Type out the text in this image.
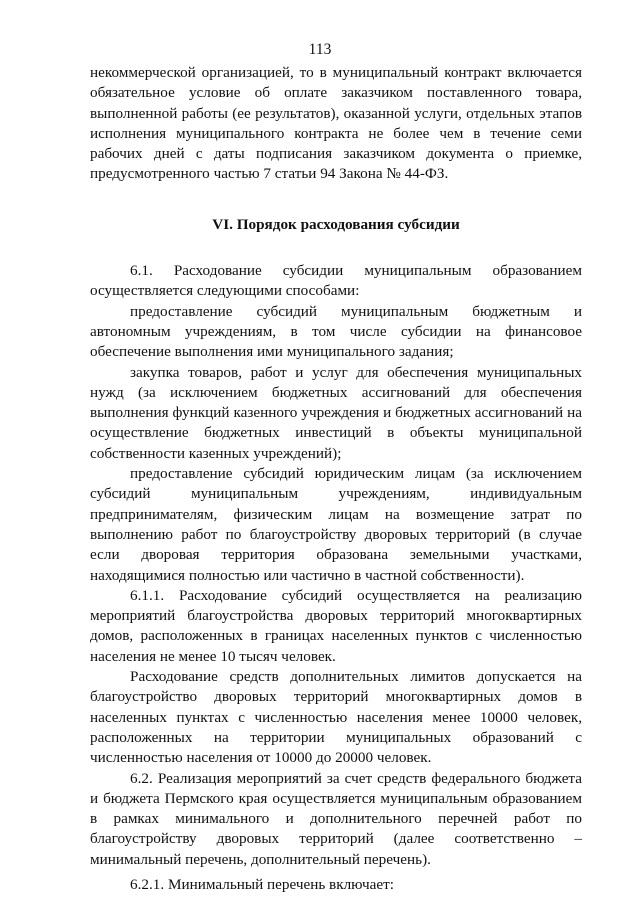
113

некоммерческой организацией, то в муниципальный контракт включается обязательное условие об оплате заказчиком поставленного товара, выполненной работы (ее результатов), оказанной услуги, отдельных этапов исполнения муниципального контракта не более чем в течение семи рабочих дней с даты подписания заказчиком документа о приемке, предусмотренного частью 7 статьи 94 Закона № 44-ФЗ.

VI. Порядок расходования субсидии

6.1. Расходование субсидии муниципальным образованием осуществляется следующими способами:

предоставление субсидий муниципальным бюджетным и автономным учреждениям, в том числе субсидии на финансовое обеспечение выполнения ими муниципального задания;

закупка товаров, работ и услуг для обеспечения муниципальных нужд (за исключением бюджетных ассигнований для обеспечения выполнения функций казенного учреждения и бюджетных ассигнований на осуществление бюджетных инвестиций в объекты муниципальной собственности казенных учреждений);

предоставление субсидий юридическим лицам (за исключением субсидий муниципальным учреждениям, индивидуальным предпринимателям, физическим лицам на возмещение затрат по выполнению работ по благоустройству дворовых территорий (в случае если дворовая территория образована земельными участками, находящимися полностью или частично в частной собственности).

6.1.1. Расходование субсидий осуществляется на реализацию мероприятий благоустройства дворовых территорий многоквартирных домов, расположенных в границах населенных пунктов с численностью населения не менее 10 тысяч человек.

Расходование средств дополнительных лимитов допускается на благоустройство дворовых территорий многоквартирных домов в населенных пунктах с численностью населения менее 10000 человек, расположенных на территории муниципальных образований с численностью населения от 10000 до 20000 человек.

6.2. Реализация мероприятий за счет средств федерального бюджета и бюджета Пермского края осуществляется муниципальным образованием в рамках минимального и дополнительного перечней работ по благоустройству дворовых территорий (далее соответственно – минимальный перечень, дополнительный перечень).

6.2.1. Минимальный перечень включает:
